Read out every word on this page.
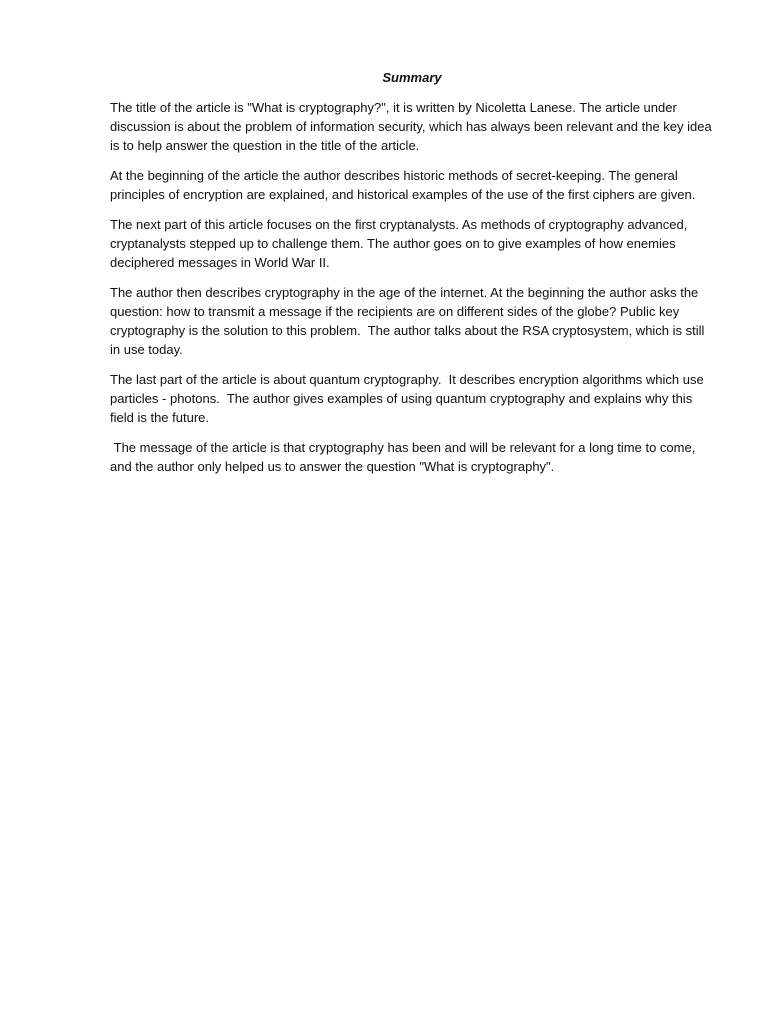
Summary

The title of the article is "What is cryptography?", it is written by Nicoletta Lanese. The article under discussion is about the problem of information security, which has always been relevant and the key idea is to help answer the question in the title of the article.

At the beginning of the article the author describes historic methods of secret-keeping. The general principles of encryption are explained, and historical examples of the use of the first ciphers are given.

The next part of this article focuses on the first cryptanalysts. As methods of cryptography advanced, cryptanalysts stepped up to challenge them. The author goes on to give examples of how enemies deciphered messages in World War II.

The author then describes cryptography in the age of the internet. At the beginning the author asks the question: how to transmit a message if the recipients are on different sides of the globe? Public key cryptography is the solution to this problem.  The author talks about the RSA cryptosystem, which is still in use today.

The last part of the article is about quantum cryptography.  It describes encryption algorithms which use particles - photons.  The author gives examples of using quantum cryptography and explains why this field is the future.

The message of the article is that cryptography has been and will be relevant for a long time to come, and the author only helped us to answer the question "What is cryptography".
